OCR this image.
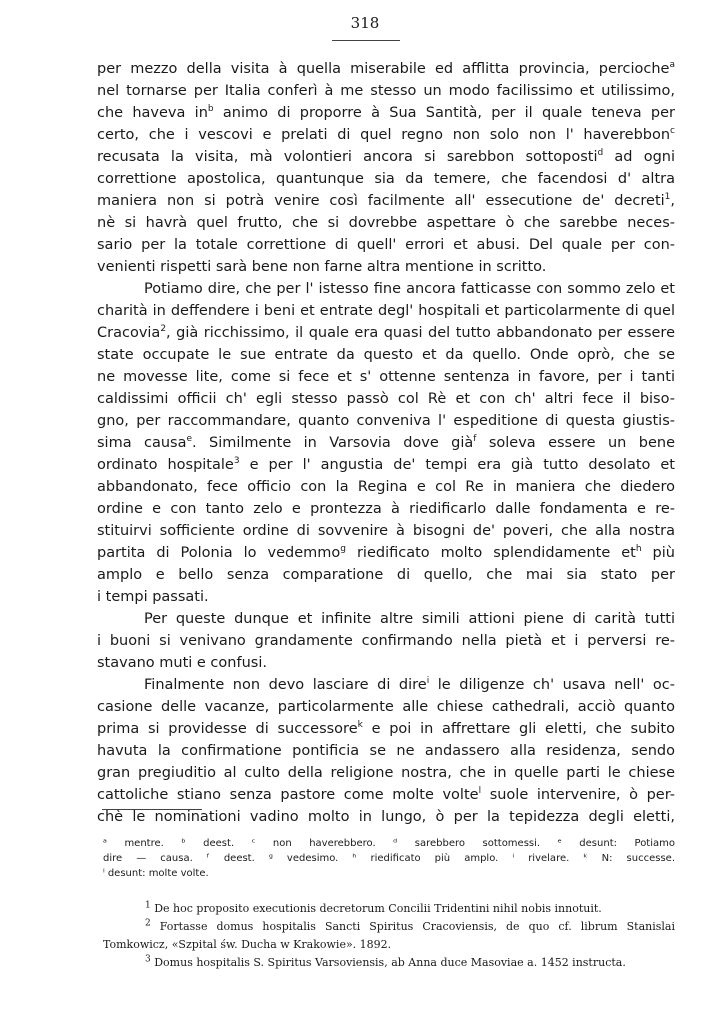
318
per mezzo della visita à quella miserabile ed afflitta provincia, percioche$^a$
nel tornarse per Italia conferì à me stesso un modo facilissimo et utilissimo,
che haveva $in^b$ animo di proporre à Sua Santità, per il quale teneva per
certo, che i vescovi e prelati di quel regno non solo non l' haverebbon$^c$
recusata la visita, mà volontieri ancora si sarebbon sottoposti$^d$ ad ogni
correttione apostolica, quantunque sia da temere, che facendosi d' altra
maniera non si potrà venire così facilmente all' essecutione de' decreti$^1$,
nè si havrà quel frutto, che si dovrebbe aspettare ò che sarebbe neces-
sario per la totale correttione di quell' errori et abusi. Del quale per con-
venienti rispetti sarà bene non farne altra mentione in scritto.
Potiamo dire, che per l' istesso fine ancora fatticasse con sommo zelo et
charità in deffendere i beni et entrate degl' hospitali et particolarmente di quel
Cracovia$^2$, già ricchissimo, il quale era quasi del tutto abbandonato per essere
state occupate le sue entrate da questo et da quello. Onde oprò, che se
ne movesse lite, come si fece et s' ottenne sentenza in favore, per i tanti
caldissimi officii ch' egli stesso passò col Rè et con ch' altri fece il biso-
gno, per raccommandare, quanto conveniva l' espeditione di questa giustis-
sima causa$^e$. Similmente in Varsovia dove già$^f$ soleva essere un bene
ordinato hospitale$^3$ e per l' angustia de' tempi era già tutto desolato et
abbandonato, fece officio con la Regina e col Re in maniera che diedero
ordine e con tanto zelo e prontezza à riedificarlo dalle fondamenta e re-
stituirvi sofficiente ordine di sovvenire à bisogni de' poveri, che alla nostra
partita di Polonia lo vedemmo$^g$ riedificato molto splendidamente $et^h$ più
amplo e bello senza comparatione di quello, che mai sia stato per
i tempi passati.
Per queste dunque et infinite altre simili attioni piene di carità tutti
i buoni si venivano grandamente confirmando nella pietà et i perversi re-
stavano muti e confusi.
Finalmente non devo lasciare di dire$^i$ le diligenze ch' usava nell' oc-
casione delle vacanze, particolarmente alle chiese cathedrali, acciò quanto
prima si providesse di successore$^k$ e poi in affrettare gli eletti, che subito
havuta la confirmatione pontificia se ne andassero alla residenza, sendo
gran pregiuditio al culto della religione nostra, che in quelle parti le chiese
cattoliche stiano senza pastore come molte volte$^l$ suole intervenire, ò per-
chè le nominationi vadino molto in lungo, ò per la tepidezza degli eletti,
ᵃ mentre. ᵇ deest. ᶜ non haverebbero. ᵈ sarebbero sottomessi. ᵉ desunt: Potiamo
dire — causa. ᶠ deest. ᵍ vedesimo. ʰ riedificato più amplo. ⁱ rivelare. ᵏ N: successe.
ˡ desunt: molte volte.
$^1$ De hoc proposito executionis decretorum Concilii Tridentini nihil nobis innotuit.
$^2$ Fortasse domus hospitalis Sancti Spiritus Cracoviensis, de quo cf. librum Stanislai
Tomkowicz, «Szpital św. Ducha w Krakowie». 1892.
$^3$ Domus hospitalis S. Spiritus Varsoviensis, ab Anna duce Masoviae a. 1452 instructa.
